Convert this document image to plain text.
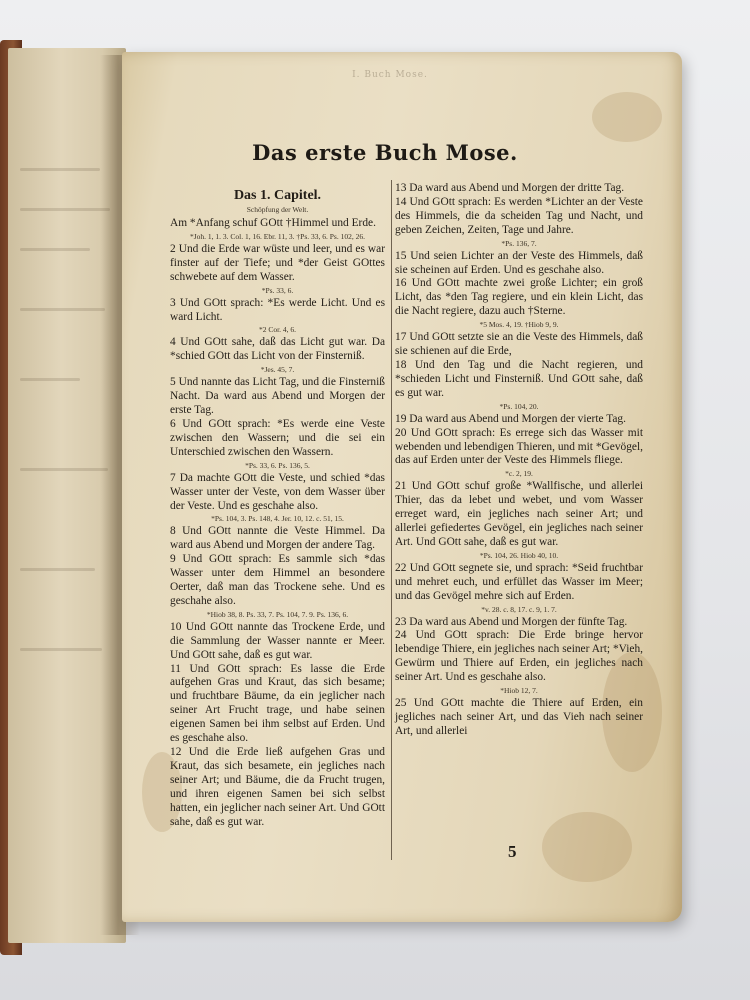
I. Buch Mose.
Das erste Buch Mose.
Das 1. Capitel.
Schöpfung der Welt.

Am *Anfang schuf GOtt †Himmel und Erde.

*Joh. 1, 1. 3. Col. 1, 16. Ebr. 11, 3. †Ps. 33, 6. Ps. 102, 26.

2 Und die Erde war wüste und leer, und es war finster auf der Tiefe; und *der Geist GOttes schwebete auf dem Wasser.

*Ps. 33, 6.

3 Und GOtt sprach: *Es werde Licht. Und es ward Licht.

*2 Cor. 4, 6.

4 Und GOtt sahe, daß das Licht gut war. Da *schied GOtt das Licht von der Finsterniß.

*Jes. 45, 7.

5 Und nannte das Licht Tag, und die Finsterniß Nacht. Da ward aus Abend und Morgen der erste Tag.

6 Und GOtt sprach: *Es werde eine Veste zwischen den Wassern; und die sei ein Unterschied zwischen den Wassern.

*Ps. 33, 6. Ps. 136, 5.

7 Da machte GOtt die Veste, und schied *das Wasser unter der Veste, von dem Wasser über der Veste. Und es geschahe also.

*Ps. 104, 3. Ps. 148, 4. Jer. 10, 12. c. 51, 15.

8 Und GOtt nannte die Veste Himmel. Da ward aus Abend und Morgen der andere Tag.

9 Und GOtt sprach: Es sammle sich *das Wasser unter dem Himmel an besondere Oerter, daß man das Trockene sehe. Und es geschahe also.

*Hiob 38, 8. Ps. 33, 7. Ps. 104, 7. 9. Ps. 136, 6.

10 Und GOtt nannte das Trockene Erde, und die Sammlung der Wasser nannte er Meer. Und GOtt sahe, daß es gut war.

11 Und GOtt sprach: Es lasse die Erde aufgehen Gras und Kraut, das sich besame; und fruchtbare Bäume, da ein jeglicher nach seiner Art Frucht trage, und habe seinen eigenen Samen bei ihm selbst auf Erden. Und es geschahe also.

12 Und die Erde ließ aufgehen Gras und Kraut, das sich besamete, ein jegliches nach seiner Art; und Bäume, die da Frucht trugen, und ihren eigenen Samen bei sich selbst hatten, ein jeglicher nach seiner Art. Und GOtt sahe, daß es gut war.

13 Da ward aus Abend und Morgen der dritte Tag.

14 Und GOtt sprach: Es werden *Lichter an der Veste des Himmels, die da scheiden Tag und Nacht, und geben Zeichen, Zeiten, Tage und Jahre.

*Ps. 136, 7.

15 Und seien Lichter an der Veste des Himmels, daß sie scheinen auf Erden. Und es geschahe also.

16 Und GOtt machte zwei große Lichter; ein groß Licht, das *den Tag regiere, und ein klein Licht, das die Nacht regiere, dazu auch †Sterne.

*5 Mos. 4, 19. †Hiob 9, 9.

17 Und GOtt setzte sie an die Veste des Himmels, daß sie schienen auf die Erde,

18 Und den Tag und die Nacht regieren, und *schieden Licht und Finsterniß. Und GOtt sahe, daß es gut war.

*Ps. 104, 20.

19 Da ward aus Abend und Morgen der vierte Tag.

20 Und GOtt sprach: Es errege sich das Wasser mit webenden und lebendigen Thieren, und mit *Gevögel, das auf Erden unter der Veste des Himmels fliege.

*c. 2, 19.

21 Und GOtt schuf große *Wallfische, und allerlei Thier, das da lebet und webet, und vom Wasser erreget ward, ein jegliches nach seiner Art; und allerlei gefiedertes Gevögel, ein jegliches nach seiner Art. Und GOtt sahe, daß es gut war.

*Ps. 104, 26. Hiob 40, 10.

22 Und GOtt segnete sie, und sprach: *Seid fruchtbar und mehret euch, und erfüllet das Wasser im Meer; und das Gevögel mehre sich auf Erden.

*v. 28. c. 8, 17. c. 9, 1. 7.

23 Da ward aus Abend und Morgen der fünfte Tag.

24 Und GOtt sprach: Die Erde bringe hervor lebendige Thiere, ein jegliches nach seiner Art; *Vieh, Gewürm und Thiere auf Erden, ein jegliches nach seiner Art. Und es geschahe also.

*Hiob 12, 7.

25 Und GOtt machte die Thiere auf Erden, ein jegliches nach seiner Art, und das Vieh nach seiner Art, und allerlei

5
